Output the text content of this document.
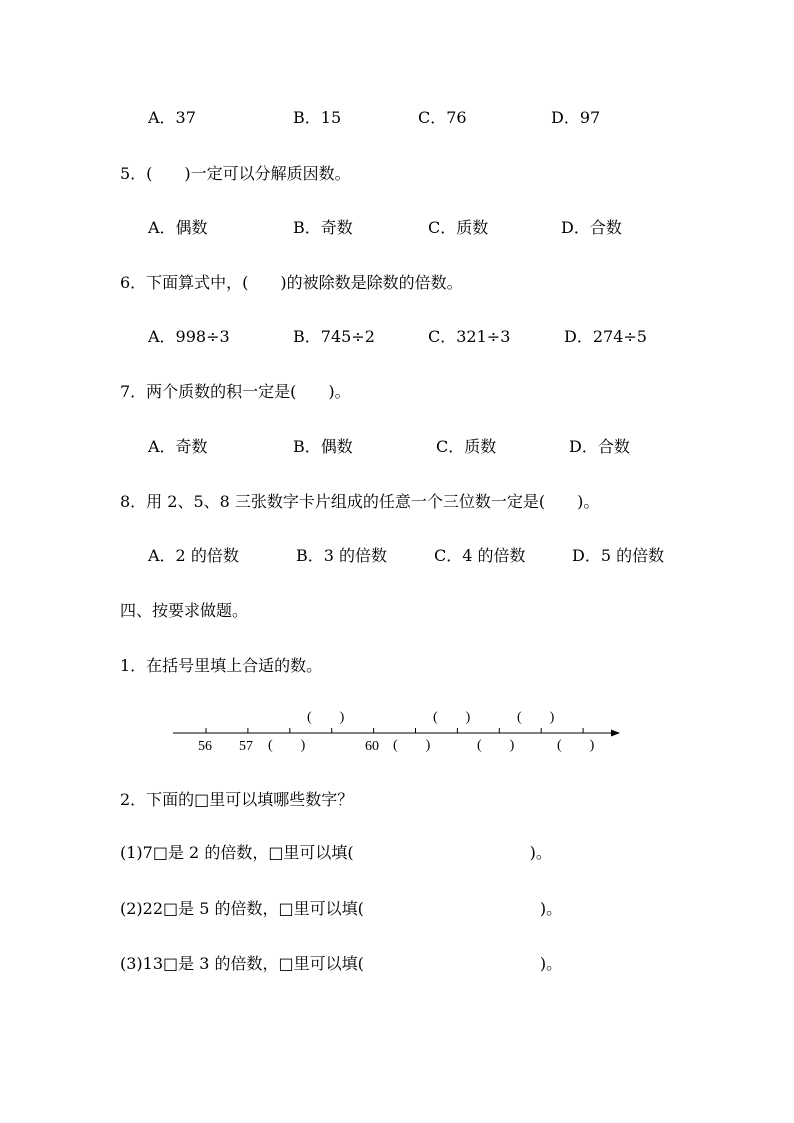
A．37	B．15	C．76	D．97
5．(　　)一定可以分解质因数。
A．偶数	B．奇数	C．质数	D．合数
6．下面算式中，(　　)的被除数是除数的倍数。
A．998÷3	B．745÷2	C．321÷3	D．274÷5
7．两个质数的积一定是(　　)。
A．奇数	B．偶数	C．质数	D．合数
8．用 2、5、8 三张数字卡片组成的任意一个三位数一定是(　　)。
A．2 的倍数	B．3 的倍数	C．4 的倍数	D．5 的倍数
四、按要求做题。
1．在括号里填上合适的数。
56 57	60
(　　)	(　　)	(　　)	(　　)
(　　)	(　　)	(　　)
2．下面的□里可以填哪些数字？
(1)7□是 2 的倍数，□里可以填(　　　　　　　　　　　)。
(2)22□是 5 的倍数，□里可以填(　　　　　　　　　　　)。
(3)13□是 3 的倍数，□里可以填(　　　　　　　　　　　)。
